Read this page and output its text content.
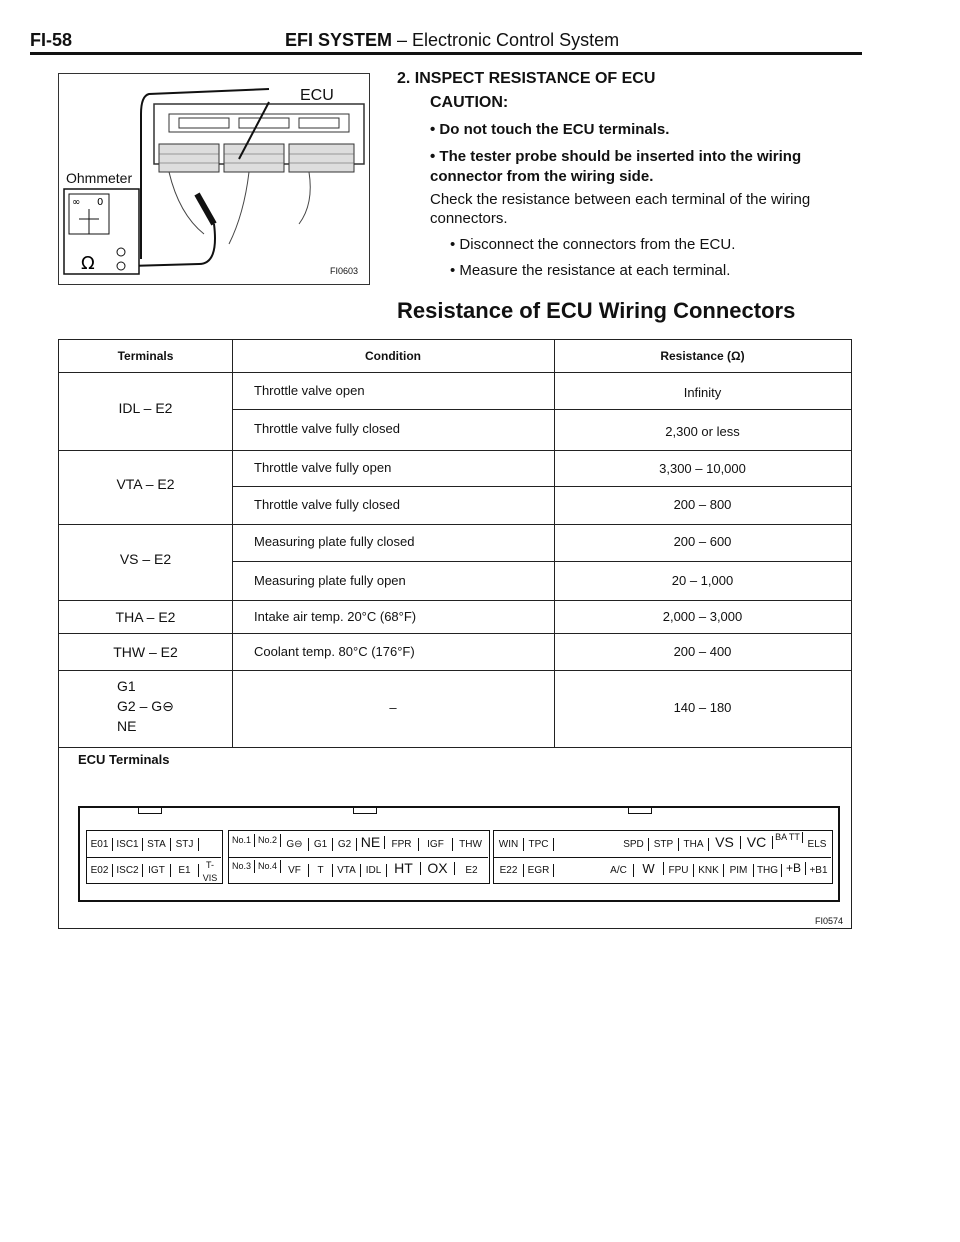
FI-58	EFI SYSTEM – Electronic Control System
∞ 0
Ω
ECU
Ohmmeter
FI0603
2. INSPECT RESISTANCE OF ECU
CAUTION:
• Do not touch the ECU terminals.
• The tester probe should be inserted into the wiring connector from the wiring side.
Check the resistance between each terminal of the wiring connectors.
• Disconnect the connectors from the ECU.
• Measure the resistance at each terminal.
Resistance of ECU Wiring Connectors
Terminals	Condition	Resistance (Ω)
IDL – E2
Throttle valve open	Infinity
Throttle valve fully closed	2,300 or less
VTA – E2
Throttle valve fully open	3,300 – 10,000
Throttle valve fully closed	200 – 800
VS – E2
Measuring plate fully closed	200 – 600
Measuring plate fully open	20 – 1,000
THA – E2	Intake air temp. 20°C (68°F)	2,000 – 3,000
THW – E2	Coolant temp. 80°C (176°F)	200 – 400
G1
G2 – G⊖
NE
–	140 – 180
ECU Terminals
E01 ISC1 STA STJ
E02 ISC2 IGT	E1	T-VIS
No.1 No.2 G⊖	G1	G2 NE	FPR	IGF	THW
No.3 No.4	VF	T	VTA IDL HT	OX	E2
WIN	TPC	SPD STP	THA VS VC BA TT
ELS
E22	EGR	A/C	W	FPU KNK	PIM THG +B +B1
FI0574
